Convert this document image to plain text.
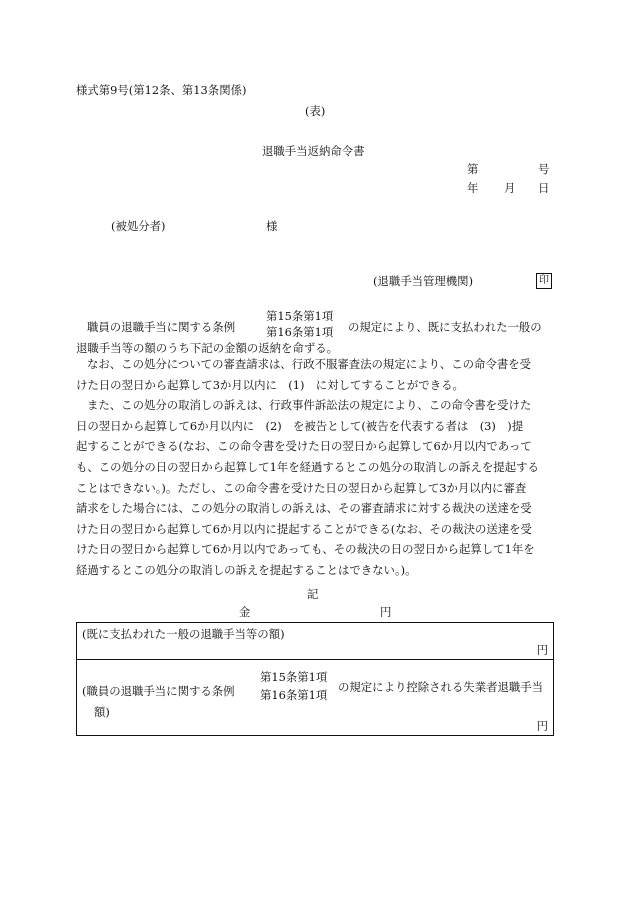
様式第9号(第12条、第13条関係)
(表)
退職手当返納命令書
第	号
年 月 日
(被処分者)	様
(退職手当管理機関)	印
職員の退職手当に関する条例
第15条第1項
第16条第1項 の規定により、既に支払われた一般の
退職手当等の額のうち下記の金額の返納を命ずる。
なお、この処分についての審査請求は、行政不服審査法の規定により、この命令書を受
けた日の翌日から起算して3か月以内に　(1)　に対してすることができる。
また、この処分の取消しの訴えは、行政事件訴訟法の規定により、この命令書を受けた
日の翌日から起算して6か月以内に　(2)　を被告として(被告を代表する者は　(3)　)提
起することができる(なお、この命令書を受けた日の翌日から起算して6か月以内であって
も、この処分の日の翌日から起算して1年を経過するとこの処分の取消しの訴えを提起する
ことはできない。)。ただし、この命令書を受けた日の翌日から起算して3か月以内に審査
請求をした場合には、この処分の取消しの訴えは、その審査請求に対する裁決の送達を受
けた日の翌日から起算して6か月以内に提起することができる(なお、その裁決の送達を受
けた日の翌日から起算して6か月以内であっても、その裁決の日の翌日から起算して1年を
経過するとこの処分の取消しの訴えを提起することはできない。)。
記
金	円
(既に支払われた一般の退職手当等の額)
円
(職員の退職手当に関する条例
第15条第1項
第16条第1項
の規定により控除される失業者退職手当
額)
円
